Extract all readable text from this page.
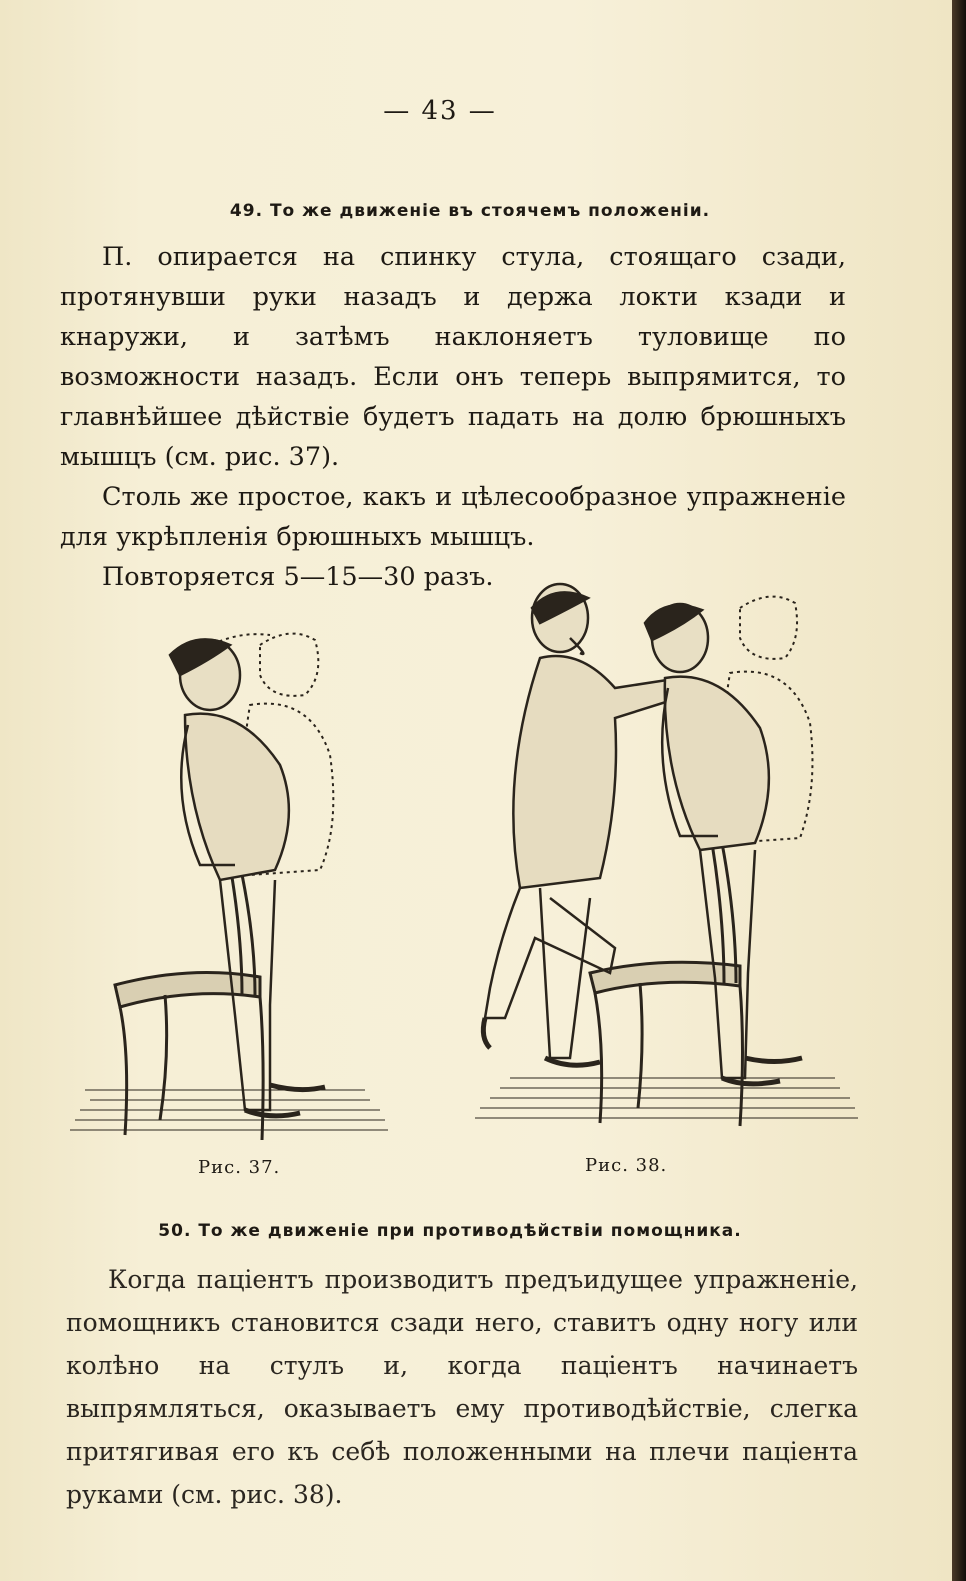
— 43 —
49. То же движеніе въ стоячемъ положеніи.

П. опирается на спинку стула, стоящаго сзади, протянувши руки назадъ и держа локти кзади и кнаружи, и затѣмъ наклоняетъ туловище по возможности назадъ. Если онъ теперь выпрямится, то главнѣйшее дѣйствіе будетъ падать на долю брюшныхъ мышцъ (см. рис. 37).

Столь же простое, какъ и цѣлесообразное упражненіе для укрѣпленія брюшныхъ мышцъ.

Повторяется 5—15—30 разъ.

Рис. 37.	Рис. 38.
50. То же движеніе при противодѣйствіи помощника.

Когда паціентъ производитъ предъидущее упражненіе, помощникъ становится сзади него, ставитъ одну ногу или колѣно на стулъ и, когда паціентъ начинаетъ выпрямляться, оказываетъ ему противодѣйствіе, слегка притягивая его къ себѣ положенными на плечи паціента руками (см. рис. 38).
